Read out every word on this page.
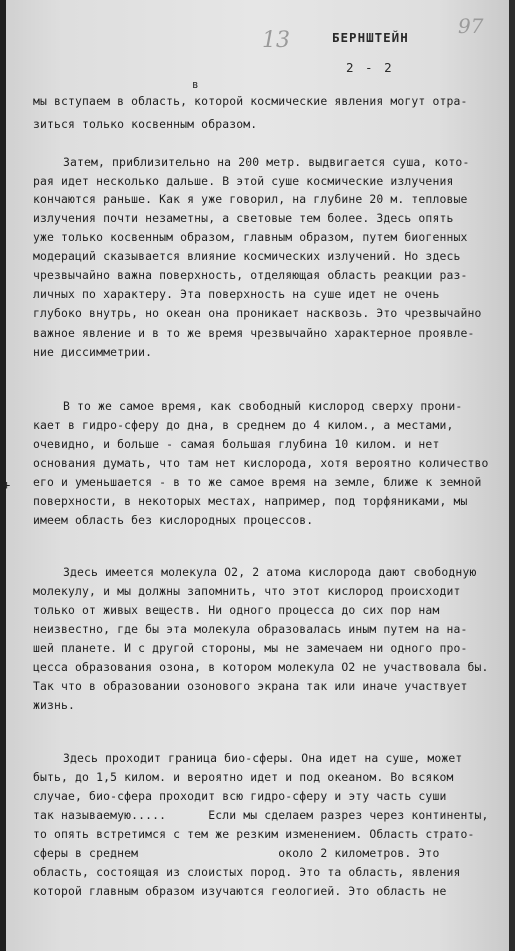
13
97
БЕРНШТЕЙН
2 - 2
в
+
мы вступаем в область, которой космические явления могут отра-
зиться только косвенным образом.
Затем, приблизительно на 200 метр. выдвигается суша, кото-
рая идет несколько дальше. В этой суше космические излучения
кончаются раньше. Как я уже говорил, на глубине 20 м. тепловые
излучения почти незаметны, а световые тем более. Здесь опять
уже только косвенным образом, главным образом, путем биогенных
модераций сказывается влияние космических излучений. Но здесь
чрезвычайно важна поверхность, отделяющая область реакции раз-
личных по характеру. Эта поверхность на суше идет не очень
глубоко внутрь, но океан она проникает насквозь. Это чрезвычайно
важное явление и в то же время чрезвычайно характерное проявле-
ние диссимметрии.
В то же самое время, как свободный кислород сверху прони-
кает в гидро-сферу до дна, в среднем до 4 килом., а местами,
очевидно, и больше - самая большая глубина 10 килом. и нет
основания думать, что там нет кислорода, хотя вероятно количество
его и уменьшается - в то же самое время на земле, ближе к земной
поверхности, в некоторых местах, например, под торфяниками, мы
имеем область без кислородных процессов.
Здесь имеется молекула O2, 2 атома кислорода дают свободную
молекулу, и мы должны запомнить, что этот кислород происходит
только от живых веществ. Ни одного процесса до сих пор нам
неизвестно, где бы эта молекула образовалась иным путем на на-
шей планете. И с другой стороны, мы не замечаем ни одного про-
цесса образования озона, в котором молекула O2 не участвовала бы.
Так что в образовании озонового экрана так или иначе участвует
жизнь.
Здесь проходит граница био-сферы. Она идет на суше, может
быть, до 1,5 килом. и вероятно идет и под океаном. Во всяком
случае, био-сфера проходит всю гидро-сферу и эту часть суши
так называемую.....      Если мы сделаем разрез через континенты,
то опять встретимся с тем же резким изменением. Область страто-
сферы в среднем                    около 2 километров. Это
область, состоящая из слоистых пород. Это та область, явления
которой главным образом изучаются геологией. Это область не
